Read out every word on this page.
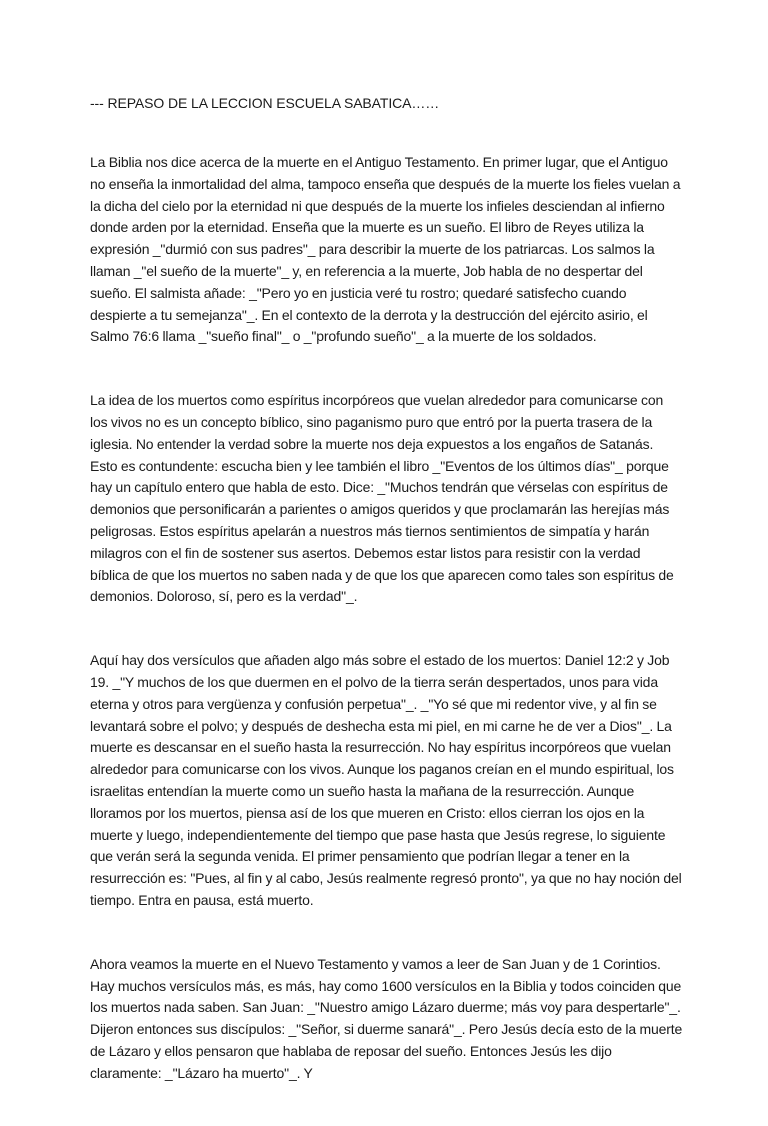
--- REPASO DE LA LECCION ESCUELA SABATICA……

La Biblia nos dice acerca de la muerte en el Antiguo Testamento. En primer lugar, que el Antiguo no enseña la inmortalidad del alma, tampoco enseña que después de la muerte los fieles vuelan a la dicha del cielo por la eternidad ni que después de la muerte los infieles desciendan al infierno donde arden por la eternidad. Enseña que la muerte es un sueño. El libro de Reyes utiliza la expresión _"durmió con sus padres"_ para describir la muerte de los patriarcas. Los salmos la llaman _"el sueño de la muerte"_ y, en referencia a la muerte, Job habla de no despertar del sueño. El salmista añade: _"Pero yo en justicia veré tu rostro; quedaré satisfecho cuando despierte a tu semejanza"_. En el contexto de la derrota y la destrucción del ejército asirio, el Salmo 76:6 llama _"sueño final"_ o _"profundo sueño"_ a la muerte de los soldados.

La idea de los muertos como espíritus incorpóreos que vuelan alrededor para comunicarse con los vivos no es un concepto bíblico, sino paganismo puro que entró por la puerta trasera de la iglesia. No entender la verdad sobre la muerte nos deja expuestos a los engaños de Satanás. Esto es contundente: escucha bien y lee también el libro _"Eventos de los últimos días"_ porque hay un capítulo entero que habla de esto. Dice: _"Muchos tendrán que vérselas con espíritus de demonios que personificarán a parientes o amigos queridos y que proclamarán las herejías más peligrosas. Estos espíritus apelarán a nuestros más tiernos sentimientos de simpatía y harán milagros con el fin de sostener sus asertos. Debemos estar listos para resistir con la verdad bíblica de que los muertos no saben nada y de que los que aparecen como tales son espíritus de demonios. Doloroso, sí, pero es la verdad"_.

Aquí hay dos versículos que añaden algo más sobre el estado de los muertos: Daniel 12:2 y Job 19. _"Y muchos de los que duermen en el polvo de la tierra serán despertados, unos para vida eterna y otros para vergüenza y confusión perpetua"_. _"Yo sé que mi redentor vive, y al fin se levantará sobre el polvo; y después de deshecha esta mi piel, en mi carne he de ver a Dios"_. La muerte es descansar en el sueño hasta la resurrección. No hay espíritus incorpóreos que vuelan alrededor para comunicarse con los vivos. Aunque los paganos creían en el mundo espiritual, los israelitas entendían la muerte como un sueño hasta la mañana de la resurrección. Aunque lloramos por los muertos, piensa así de los que mueren en Cristo: ellos cierran los ojos en la muerte y luego, independientemente del tiempo que pase hasta que Jesús regrese, lo siguiente que verán será la segunda venida. El primer pensamiento que podrían llegar a tener en la resurrección es: "Pues, al fin y al cabo, Jesús realmente regresó pronto", ya que no hay noción del tiempo. Entra en pausa, está muerto.

Ahora veamos la muerte en el Nuevo Testamento y vamos a leer de San Juan y de 1 Corintios. Hay muchos versículos más, es más, hay como 1600 versículos en la Biblia y todos coinciden que los muertos nada saben. San Juan: _"Nuestro amigo Lázaro duerme; más voy para despertarle"_. Dijeron entonces sus discípulos: _"Señor, si duerme sanará"_. Pero Jesús decía esto de la muerte de Lázaro y ellos pensaron que hablaba de reposar del sueño. Entonces Jesús les dijo claramente: _"Lázaro ha muerto"_. Y
